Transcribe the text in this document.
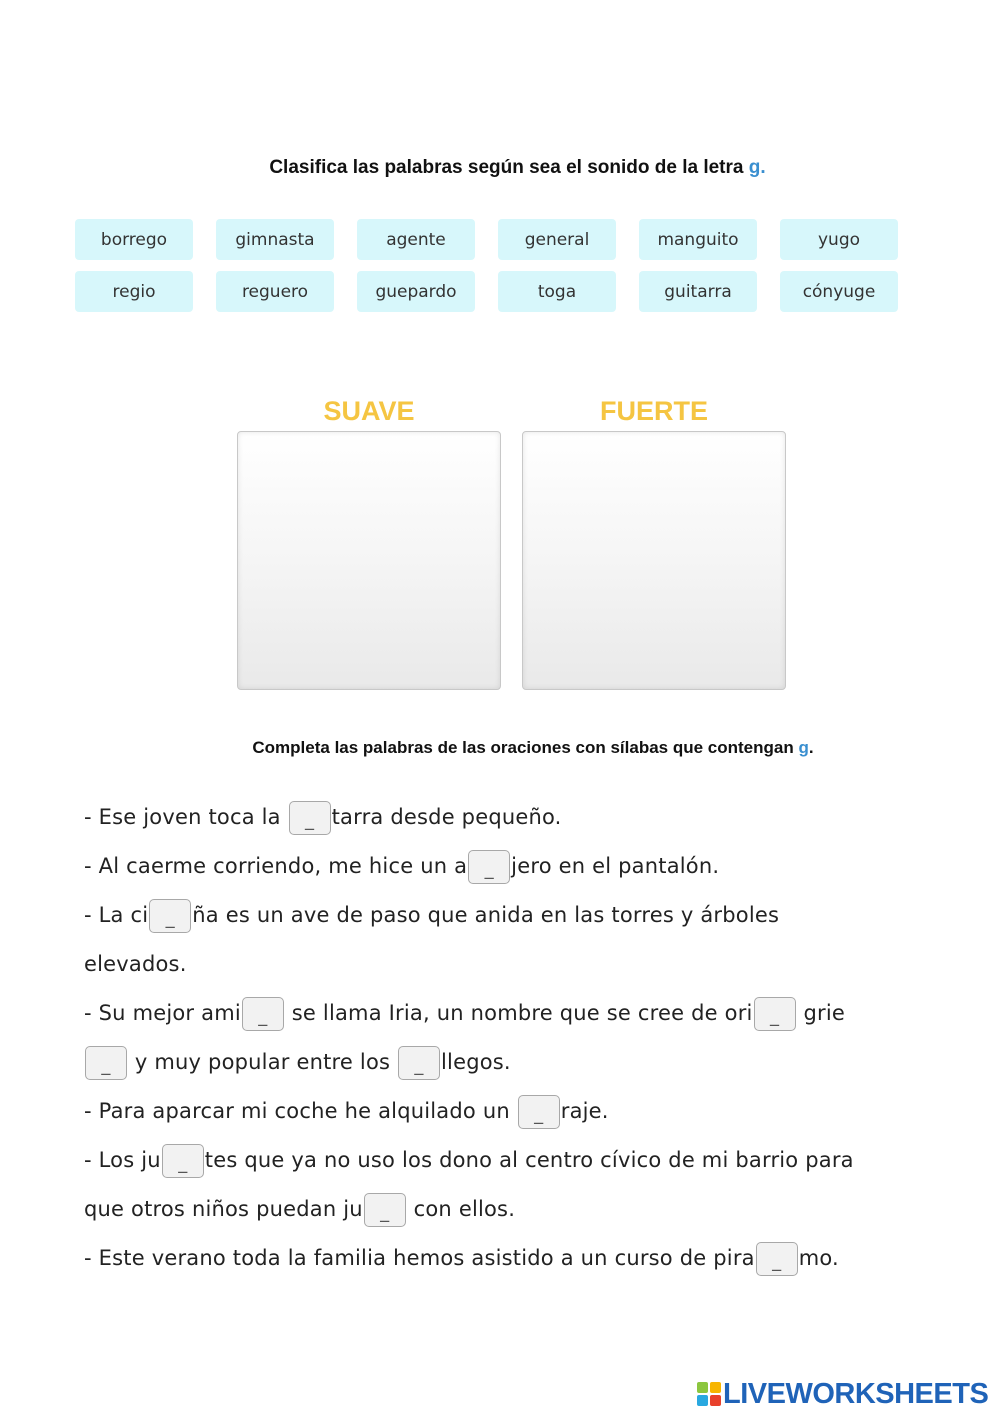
Clasifica las palabras según sea el sonido de la letra g.
borrego	gimnasta	agente	general	manguito	yugo
regio	reguero	guepardo	toga	guitarra	cónyuge
SUAVE	FUERTE
Completa las palabras de las oraciones con sílabas que contengan g.
- Ese joven toca la _ tarra desde pequeño.
- Al caerme corriendo, me hice un a _ jero en el pantalón.
- La ci _ ña es un ave de paso que anida en las torres y árboles
elevados.
- Su mejor ami _ se llama Iria, un nombre que se cree de ori _ grie
_ y muy popular entre los _ llegos.
- Para aparcar mi coche he alquilado un _ raje.
- Los ju _ tes que ya no uso los dono al centro cívico de mi barrio para
que otros niños puedan ju _ con ellos.
- Este verano toda la familia hemos asistido a un curso de pira _ mo.
LIVEWORKSHEETS
